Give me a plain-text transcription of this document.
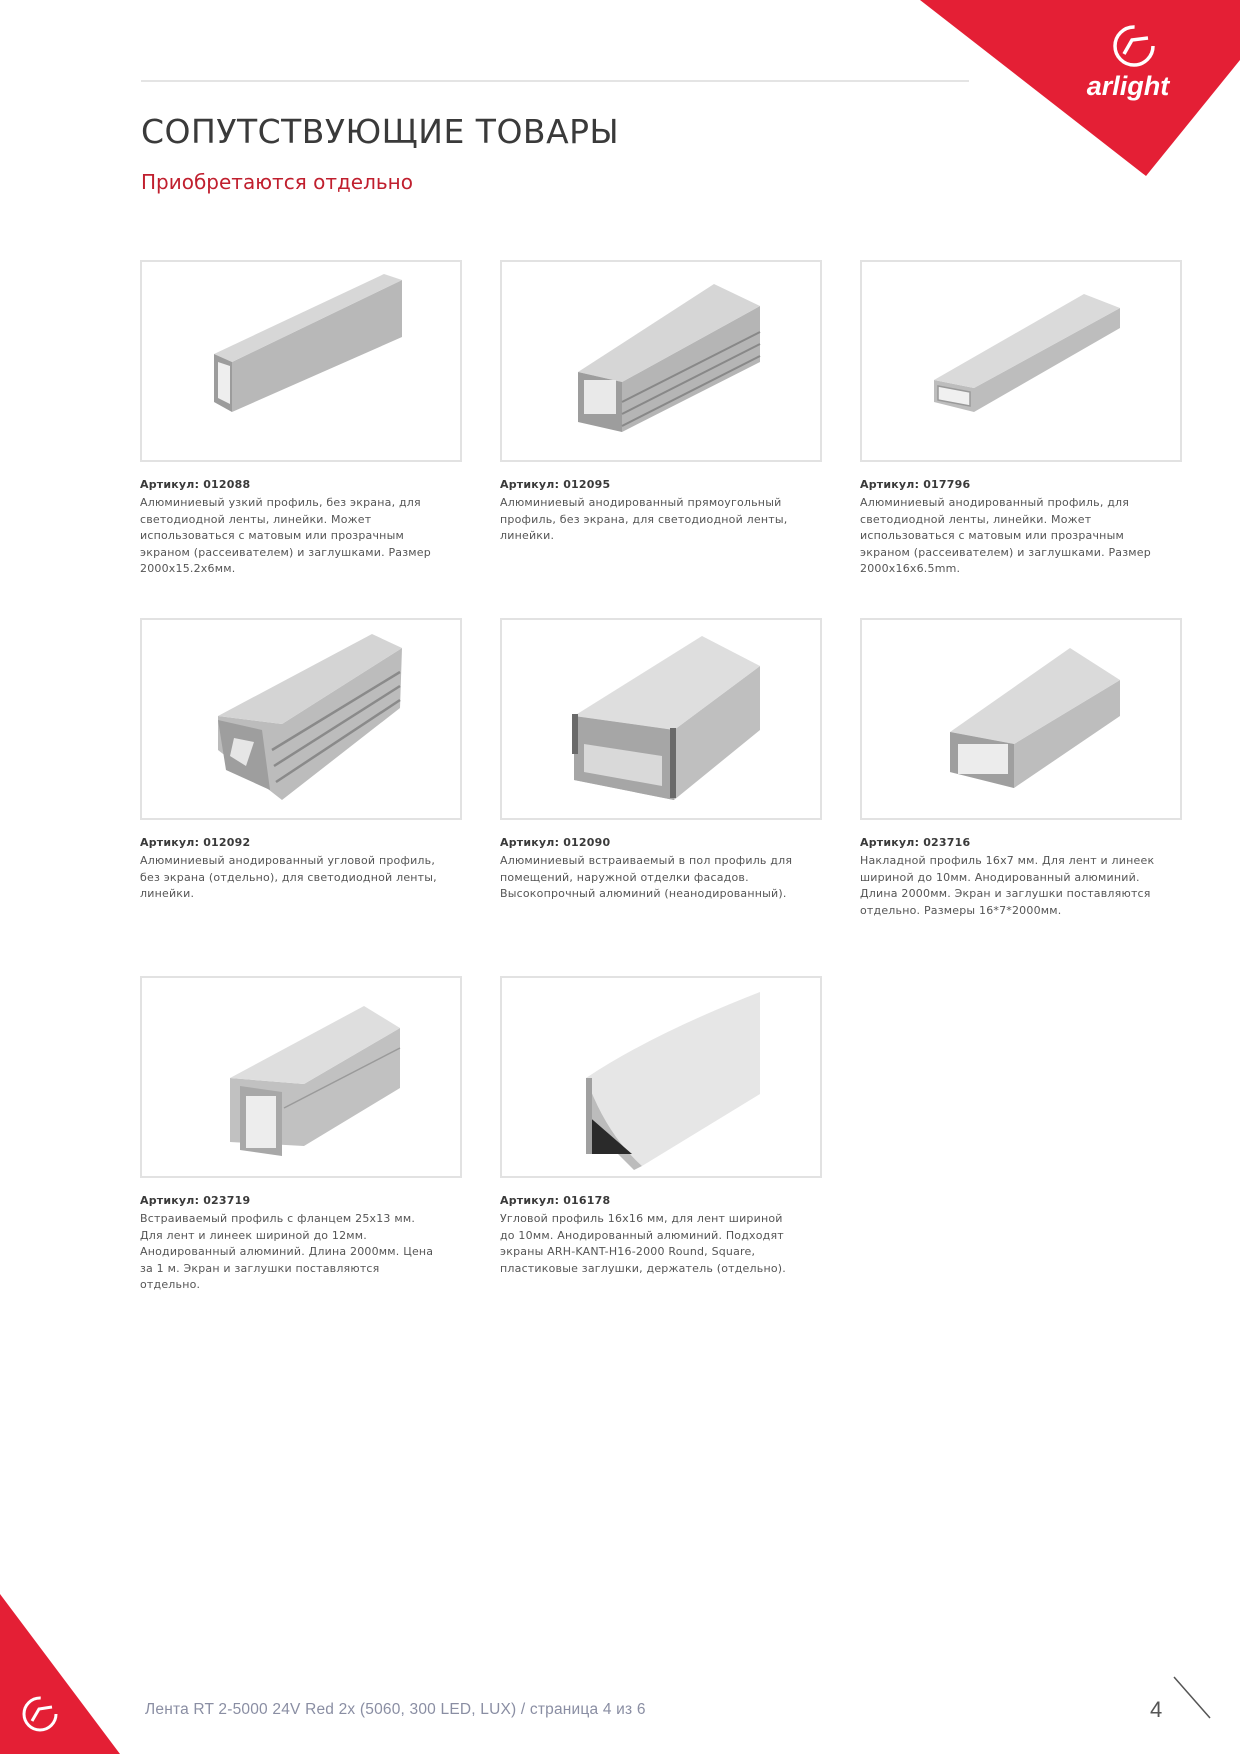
arlight
СОПУТСТВУЮЩИЕ ТОВАРЫ
Приобретаются отдельно
Артикул: 012088
Алюминиевый узкий профиль, без экрана, для светодиодной ленты, линейки. Может использоваться с матовым или прозрачным экраном (рассеивателем) и заглушками. Размер 2000x15.2x6мм.
Артикул: 012095
Алюминиевый анодированный прямоугольный профиль, без экрана, для светодиодной ленты, линейки.
Артикул: 017796
Алюминиевый анодированный профиль, для светодиодной ленты, линейки. Может использоваться с матовым или прозрачным экраном (рассеивателем) и заглушками. Размер 2000x16x6.5mm.
Артикул: 012092
Алюминиевый анодированный угловой профиль, без экрана (отдельно), для светодиодной ленты, линейки.
Артикул: 012090
Алюминиевый встраиваемый в пол профиль для помещений, наружной отделки фасадов. Высокопрочный алюминий (неанодированный).
Артикул: 023716
Накладной профиль 16x7 мм. Для лент и линеек шириной до 10мм. Анодированный алюминий. Длина 2000мм. Экран и заглушки поставляются отдельно. Размеры 16*7*2000мм.
Артикул: 023719
Встраиваемый профиль с фланцем 25x13 мм. Для лент и линеек шириной до 12мм. Анодированный алюминий. Длина 2000мм. Цена за 1 м. Экран и заглушки поставляются отдельно.
Артикул: 016178
Угловой профиль 16x16 мм, для лент шириной до 10мм. Анодированный алюминий. Подходят экраны ARH-KANT-H16-2000 Round, Square, пластиковые заглушки, держатель (отдельно).
Лента RT 2-5000 24V Red 2x (5060, 300 LED, LUX) / страница 4 из 6	4
